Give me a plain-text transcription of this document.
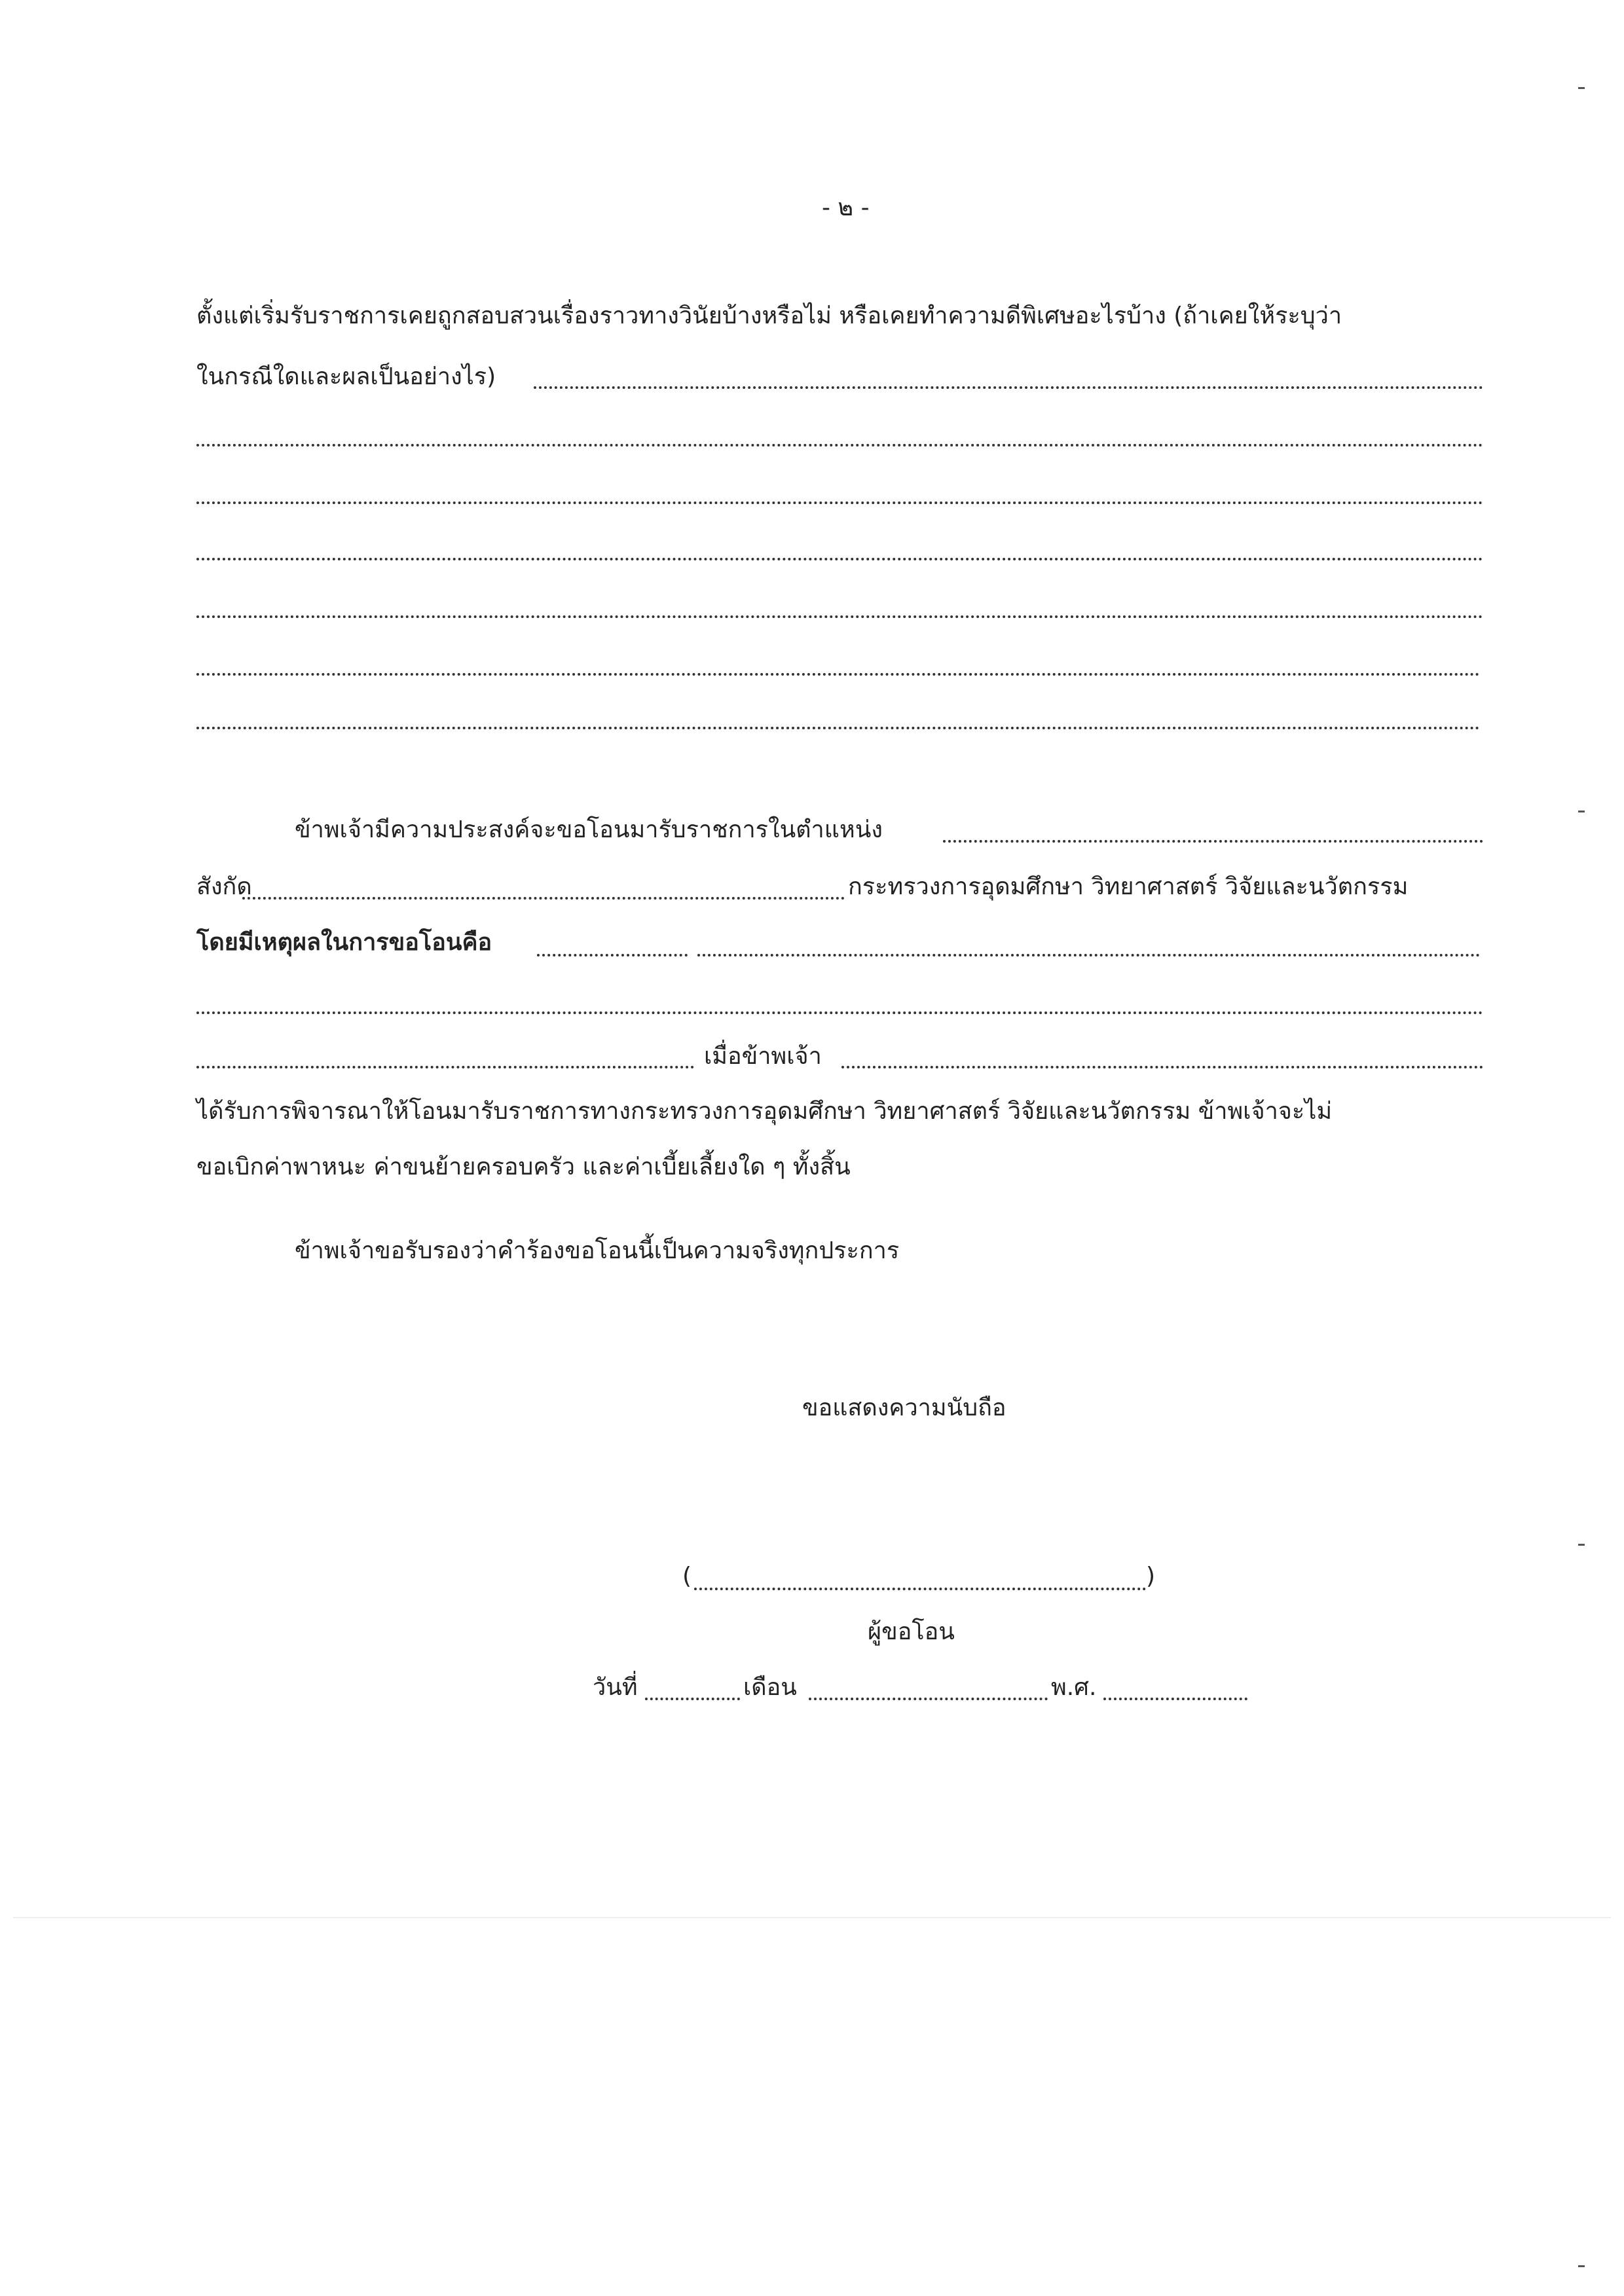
- ๒ -
ตั้งแต่เริ่มรับราชการเคยถูกสอบสวนเรื่องราวทางวินัยบ้างหรือไม่ หรือเคยทำความดีพิเศษอะไรบ้าง (ถ้าเคยให้ระบุว่า
ในกรณีใดและผลเป็นอย่างไร)
ข้าพเจ้ามีความประสงค์จะขอโอนมารับราชการในตำแหน่ง
สังกัด	กระทรวงการอุดมศึกษา วิทยาศาสตร์ วิจัยและนวัตกรรม
โดยมีเหตุผลในการขอโอนคือ
เมื่อข้าพเจ้า
ได้รับการพิจารณาให้โอนมารับราชการทางกระทรวงการอุดมศึกษา วิทยาศาสตร์ วิจัยและนวัตกรรม ข้าพเจ้าจะไม่
ขอเบิกค่าพาหนะ ค่าขนย้ายครอบครัว และค่าเบี้ยเลี้ยงใด ๆ ทั้งสิ้น
ข้าพเจ้าขอรับรองว่าคำร้องขอโอนนี้เป็นความจริงทุกประการ
ขอแสดงความนับถือ
(	)
ผู้ขอโอน
วันที่	เดือน	พ.ศ.
